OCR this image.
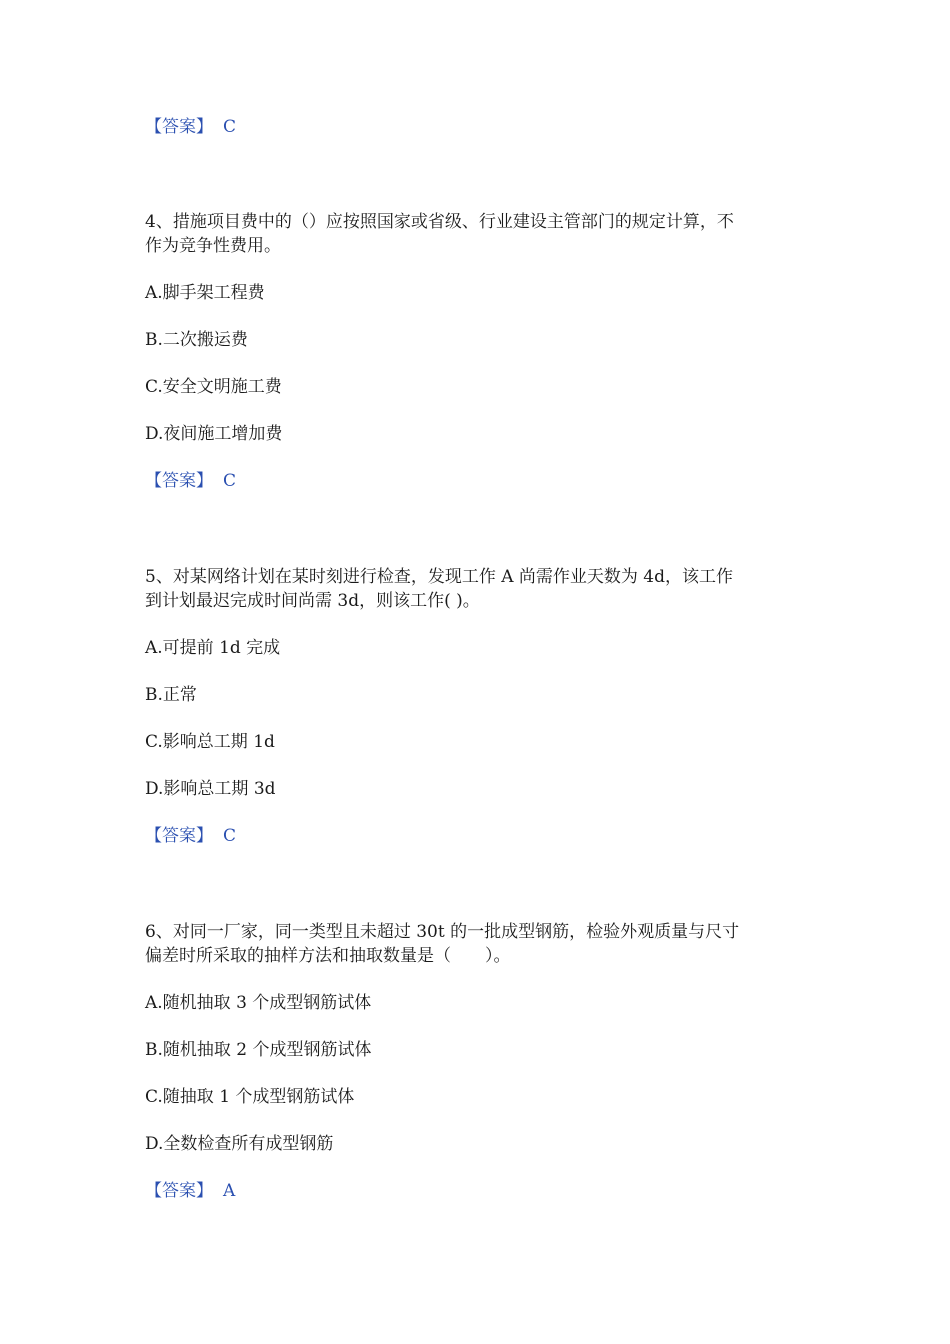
【答案】 C
4、措施项目费中的（）应按照国家或省级、行业建设主管部门的规定计算，不
作为竞争性费用。
A.脚手架工程费
B.二次搬运费
C.安全文明施工费
D.夜间施工增加费
【答案】 C
5、对某网络计划在某时刻进行检查，发现工作 A 尚需作业天数为 4d，该工作
到计划最迟完成时间尚需 3d，则该工作( )。
A.可提前 1d 完成
B.正常
C.影响总工期 1d
D.影响总工期 3d
【答案】 C
6、对同一厂家，同一类型且未超过 30t 的一批成型钢筋，检验外观质量与尺寸
偏差时所采取的抽样方法和抽取数量是（　　）。
A.随机抽取 3 个成型钢筋试体
B.随机抽取 2 个成型钢筋试体
C.随抽取 1 个成型钢筋试体
D.全数检查所有成型钢筋
【答案】 A
